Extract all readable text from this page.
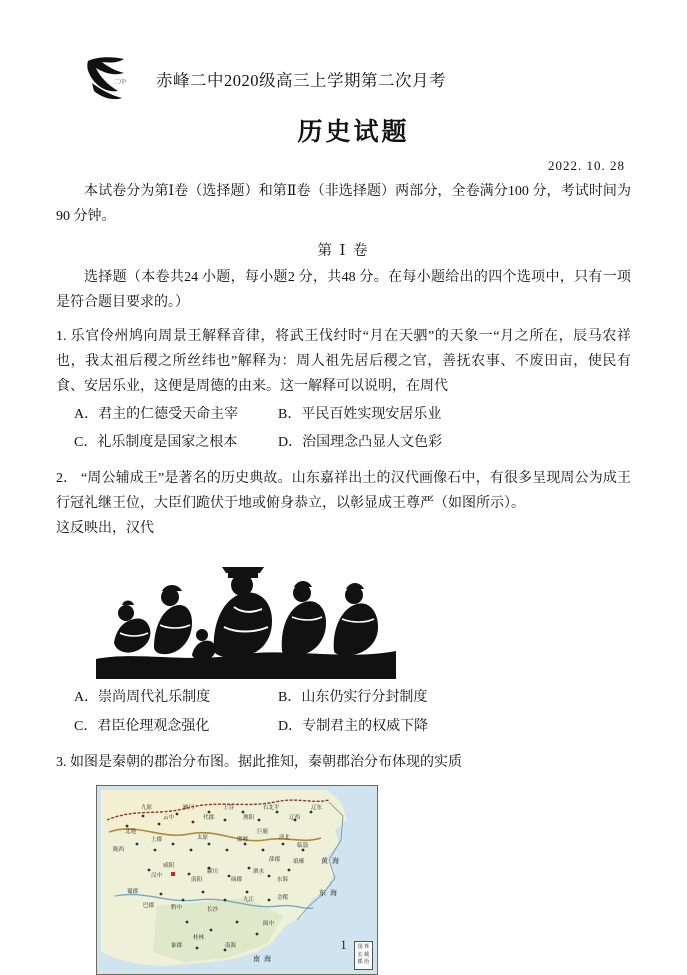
二中 赤峰二中2020级高三上学期第二次月考
历史试题
2022. 10. 28
本试卷分为第Ⅰ卷（选择题）和第Ⅱ卷（非选择题）两部分，全卷满分100 分，考试时间为90 分钟。
第 Ⅰ 卷
选择题（本卷共24 小题，每小题2 分，共48 分。在每小题给出的四个选项中，只有一项是符合题目要求的。）
1. 乐官伶州鸠向周景王解释音律，将武王伐纣时“月在天驷”的天象一“月之所在，辰马农祥也，我太祖后稷之所丝纬也”解释为：周人祖先居后稷之官，善抚农事、不废田亩，使民有食、安居乐业，这便是周德的由来。这一解释可以说明，在周代
A．君主的仁德受天命主宰	B．平民百姓实现安居乐业
C．礼乐制度是国家之根本	D．治国理念凸显人文色彩
2． “周公辅成王”是著名的历史典故。山东嘉祥出土的汉代画像石中，有很多呈现周公为成王行冠礼继王位，大臣们跪伏于地或俯身恭立，以彰显成王尊严（如图所示）。
这反映出，汉代
A．崇尚周代礼乐制度	B．山东仍实行分封制度
C．君臣伦理观念强化	D．专制君主的权威下降
3. 如图是秦朝的郡治分布图。据此推知，秦朝郡治分布体现的实质
辽东
辽西
右北平
渔阳
上谷
代郡
雁门
云中
九原
北地
陇西
上郡	太原	邯郸
巨鹿
济北
临淄
琅琊
薛郡
东海
泗水
砀郡
颍川
南阳
汉中
蜀郡
巴郡	黔中	长沙
九江	会稽
闽中
南海
桂林
象郡
咸阳
东 海
南 海
黄 海
国 界
长 城
郡 治
1
